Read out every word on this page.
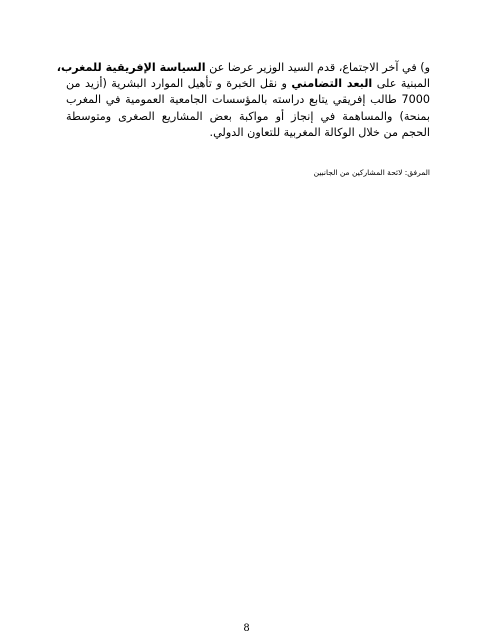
و) في آخر الاجتماع، قدم السيد الوزير عرضا عن السياسة الإفريقية للمغرب،
المبنية على البعد التضامني و نقل الخبرة و تأهيل الموارد البشرية (أزيد من
7000 طالب إفريقي يتابع دراسته بالمؤسسات الجامعية العمومية في المغرب
بمنحة) والمساهمة في إنجاز أو مواكبة بعض المشاريع الصغرى ومتوسطة
الحجم من خلال الوكالة المغربية للتعاون الدولي.
المرفق: لائحة المشاركين من الجانبين
8
